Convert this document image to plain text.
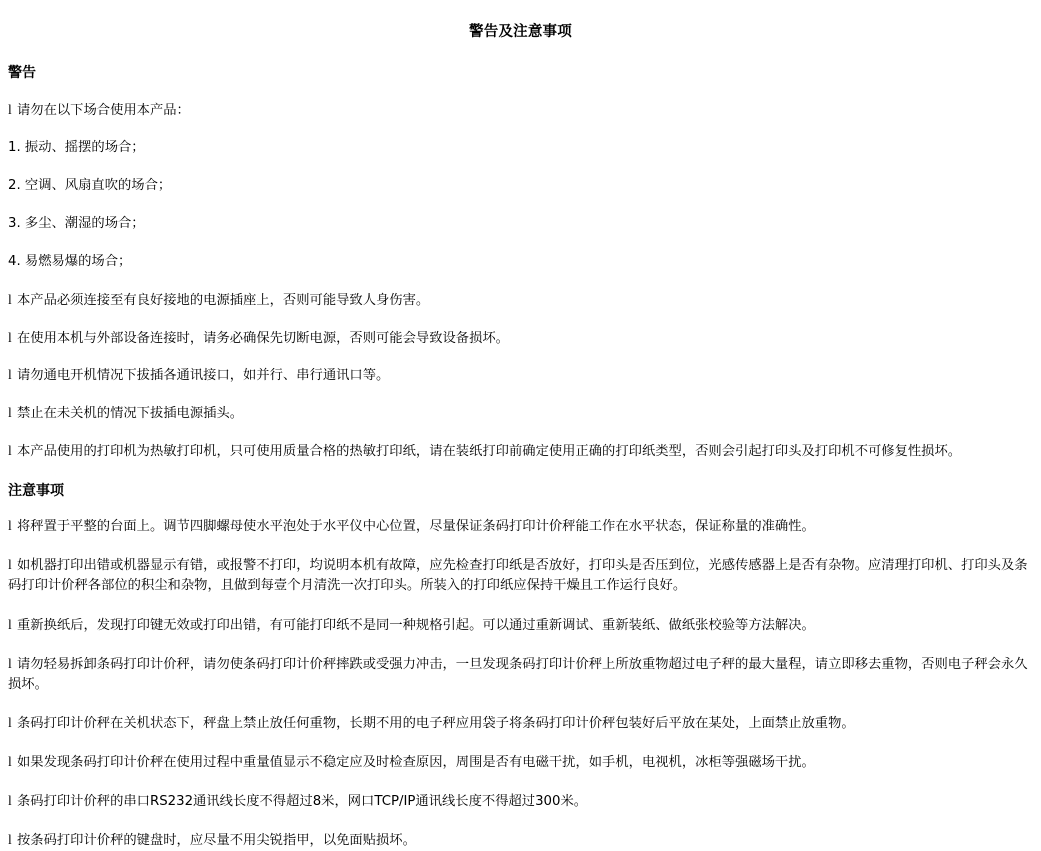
警告及注意事项
警告

l 请勿在以下场合使用本产品：

1. 振动、摇摆的场合；

2. 空调、风扇直吹的场合；

3. 多尘、潮湿的场合；

4. 易燃易爆的场合；

l 本产品必须连接至有良好接地的电源插座上，否则可能导致人身伤害。

l 在使用本机与外部设备连接时，请务必确保先切断电源，否则可能会导致设备损坏。

l 请勿通电开机情况下拔插各通讯接口，如并行、串行通讯口等。

l 禁止在未关机的情况下拔插电源插头。

l 本产品使用的打印机为热敏打印机，只可使用质量合格的热敏打印纸，请在装纸打印前确定使用正确的打印纸类型，否则会引起打印头及打印机不可修复性损坏。

注意事项

l 将秤置于平整的台面上。调节四脚螺母使水平泡处于水平仪中心位置，尽量保证条码打印计价秤能工作在水平状态，保证称量的准确性。

l 如机器打印出错或机器显示有错，或报警不打印，均说明本机有故障，应先检查打印纸是否放好，打印头是否压到位，光感传感器上是否有杂物。应清理打印机、打印头及条码打印计价秤各部位的积尘和杂物，且做到每壹个月清洗一次打印头。所装入的打印纸应保持干燥且工作运行良好。

l 重新换纸后，发现打印键无效或打印出错，有可能打印纸不是同一种规格引起。可以通过重新调试、重新装纸、做纸张校验等方法解决。

l 请勿轻易拆卸条码打印计价秤，请勿使条码打印计价秤摔跌或受强力冲击，一旦发现条码打印计价秤上所放重物超过电子秤的最大量程，请立即移去重物，否则电子秤会永久损坏。

l 条码打印计价秤在关机状态下，秤盘上禁止放任何重物，长期不用的电子秤应用袋子将条码打印计价秤包装好后平放在某处，上面禁止放重物。

l 如果发现条码打印计价秤在使用过程中重量值显示不稳定应及时检查原因，周围是否有电磁干扰，如手机，电视机，冰柜等强磁场干扰。

l 条码打印计价秤的串口RS232通讯线长度不得超过8米，网口TCP/IP通讯线长度不得超过300米。

l 按条码打印计价秤的键盘时，应尽量不用尖锐指甲，以免面贴损坏。
